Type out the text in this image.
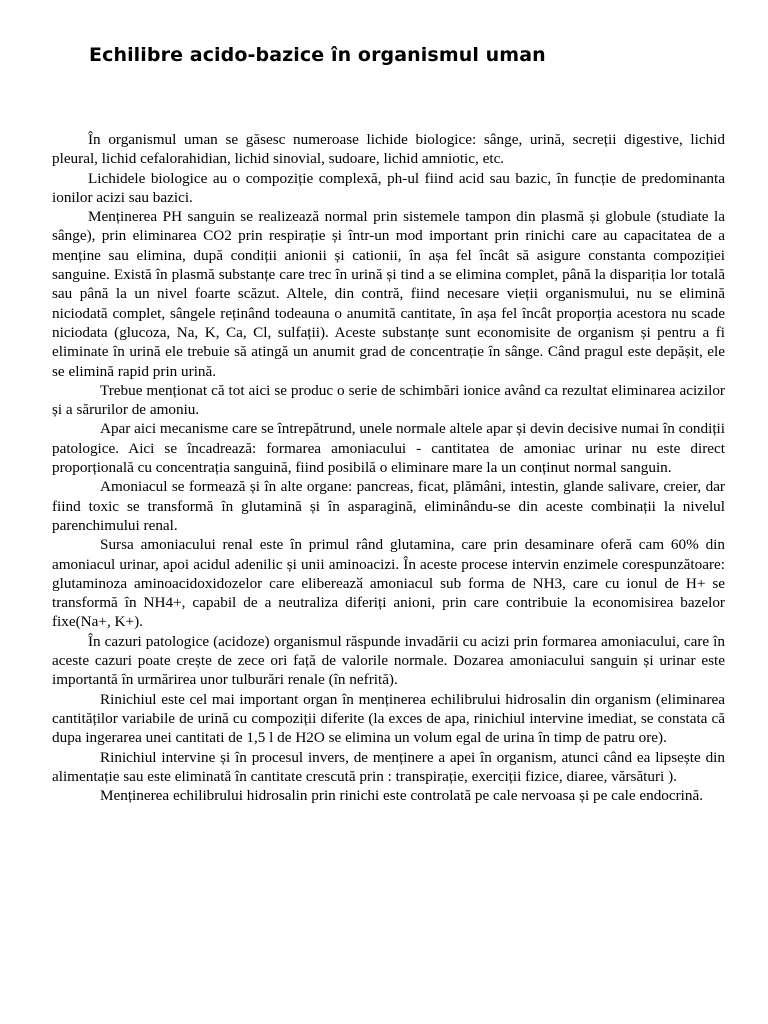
Echilibre acido-bazice în organismul uman

În organismul uman se găsesc numeroase lichide biologice: sânge, urină, secreții digestive, lichid pleural, lichid cefalorahidian, lichid sinovial, sudoare, lichid amniotic, etc.

Lichidele biologice au o compoziție complexă, ph-ul fiind acid sau bazic, în funcție de predominanta ionilor acizi sau bazici.

Menținerea PH sanguin se realizează normal prin sistemele tampon din plasmă și globule (studiate la sânge), prin eliminarea CO2 prin respirație și într-un mod important prin rinichi care au capacitatea de a menține sau elimina, după condiții anionii și cationii, în așa fel încât să asigure constanta compoziției sanguine. Există în plasmă substanțe care trec în urină și tind a se elimina complet, până la dispariția lor totală sau până la un nivel foarte scăzut. Altele, din contră, fiind necesare vieții organismului, nu se elimină niciodată complet, sângele reținând todeauna o anumită cantitate, în așa fel încât proporția acestora nu scade niciodata (glucoza, Na, K, Ca, Cl, sulfații). Aceste substanțe sunt economisite de organism și pentru a fi eliminate în urină ele trebuie să atingă un anumit grad de concentrație în sânge. Când pragul este depășit, ele se elimină rapid prin urină.

Trebue menționat că tot aici se produc o serie de schimbări ionice având ca rezultat eliminarea acizilor și a sărurilor de amoniu.

Apar aici mecanisme care se întrepătrund, unele normale altele apar și devin decisive numai în condiții patologice. Aici se încadrează: formarea amoniacului - cantitatea de amoniac urinar nu este direct proporțională cu concentrația sanguină, fiind posibilă o eliminare mare la un conținut normal sanguin.

Amoniacul se formează și în alte organe: pancreas, ficat, plămâni, intestin, glande salivare, creier, dar fiind toxic se transformă în glutamină și în asparagină, eliminându-se din aceste combinații la nivelul parenchimului renal.

Sursa amoniacului renal este în primul rând glutamina, care prin desaminare oferă cam 60% din amoniacul urinar, apoi acidul adenilic și unii aminoacizi. În aceste procese intervin enzimele corespunzătoare: glutaminoza aminoacidoxidozelor care elibereazӑ amoniacul sub forma de NH3, care cu ionul de H+ se transformă în NH4+, capabil de a neutraliza diferiți anioni, prin care contribuie la economisirea bazelor fixe(Na+, K+).

În cazuri patologice (acidoze) organismul răspunde invadării cu acizi prin formarea amoniacului, care în aceste cazuri poate crește de zece ori față de valorile normale. Dozarea amoniacului sanguin și urinar este importantă în urmărirea unor tulburări renale (în nefrită).

Rinichiul este cel mai important organ în menținerea echilibrului hidrosalin din organism (eliminarea cantităților variabile de urină cu compoziții diferite (la exces de apa, rinichiul intervine imediat, se constata că dupa ingerarea unei cantitati de 1,5 l de H2O se elimina un volum egal de urina în timp de patru ore).

Rinichiul intervine și în procesul invers, de menținere a apei în organism, atunci când ea lipsește din alimentație sau este eliminată în cantitate crescută prin : transpirație, exerciții fizice, diaree, vărsături ).

Menținerea echilibrului hidrosalin prin rinichi este controlată pe cale nervoasa și pe cale endocrină.
